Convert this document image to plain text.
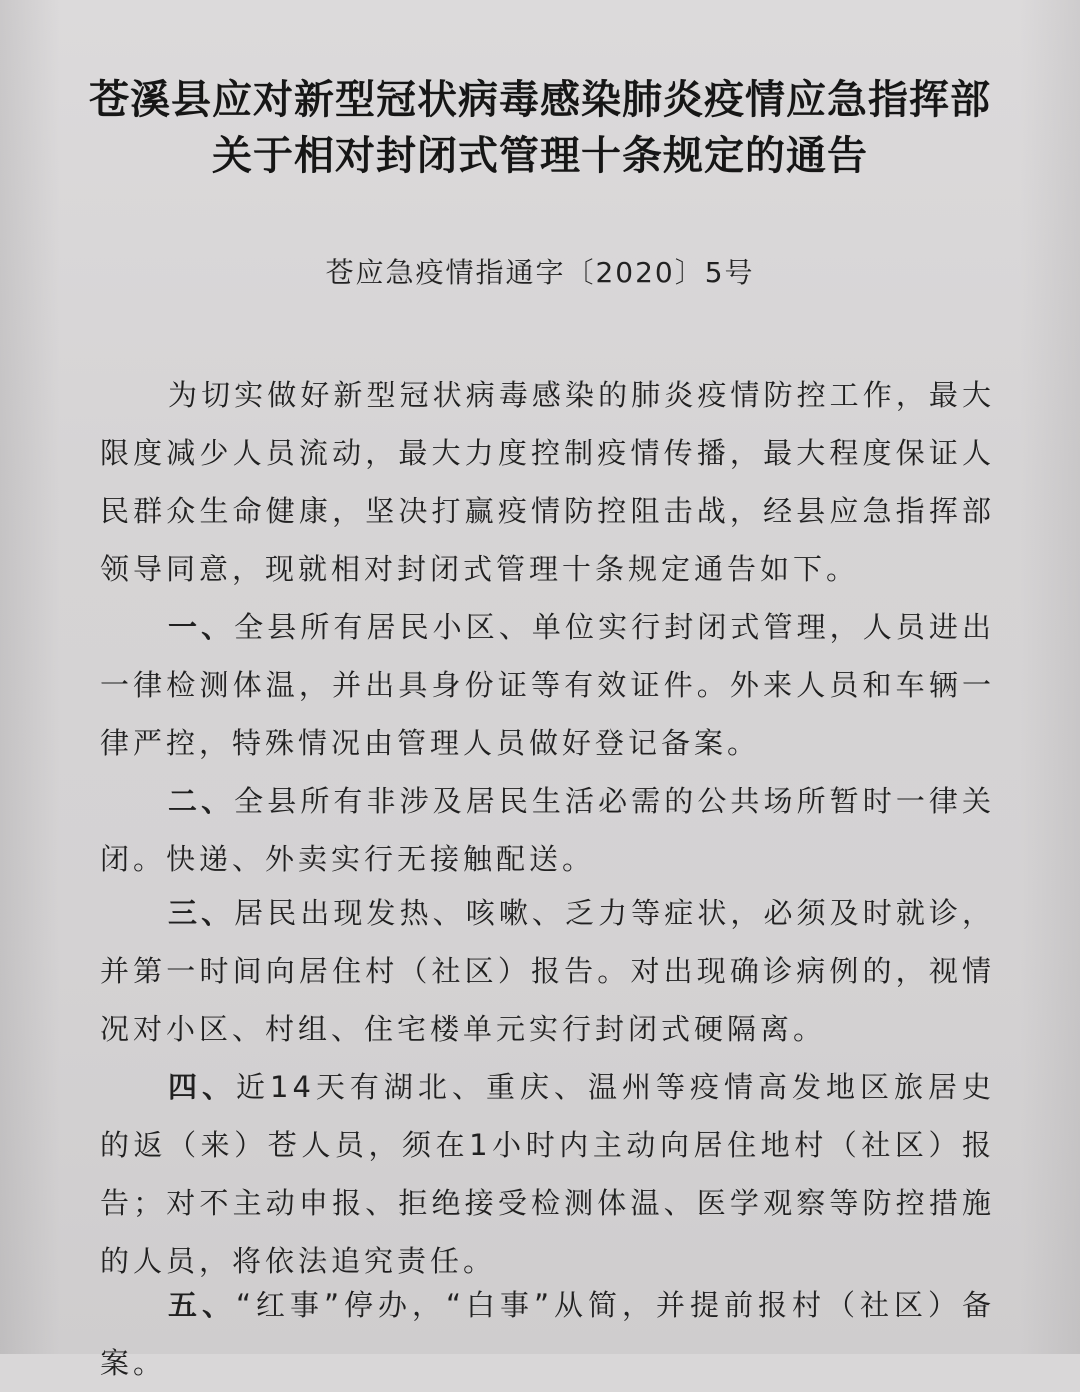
苍溪县应对新型冠状病毒感染肺炎疫情应急指挥部
关于相对封闭式管理十条规定的通告
苍应急疫情指通字〔2020〕5号
为切实做好新型冠状病毒感染的肺炎疫情防控工作，最大限度减少人员流动，最大力度控制疫情传播，最大程度保证人民群众生命健康，坚决打赢疫情防控阻击战，经县应急指挥部领导同意，现就相对封闭式管理十条规定通告如下。
一、全县所有居民小区、单位实行封闭式管理，人员进出一律检测体温，并出具身份证等有效证件。外来人员和车辆一律严控，特殊情况由管理人员做好登记备案。
二、全县所有非涉及居民生活必需的公共场所暂时一律关闭。快递、外卖实行无接触配送。
三、居民出现发热、咳嗽、乏力等症状，必须及时就诊，并第一时间向居住村（社区）报告。对出现确诊病例的，视情况对小区、村组、住宅楼单元实行封闭式硬隔离。
四、近14天有湖北、重庆、温州等疫情高发地区旅居史的返（来）苍人员，须在1小时内主动向居住地村（社区）报告；对不主动申报、拒绝接受检测体温、医学观察等防控措施的人员，将依法追究责任。
五、“红事”停办，“白事”从简，并提前报村（社区）备案。
